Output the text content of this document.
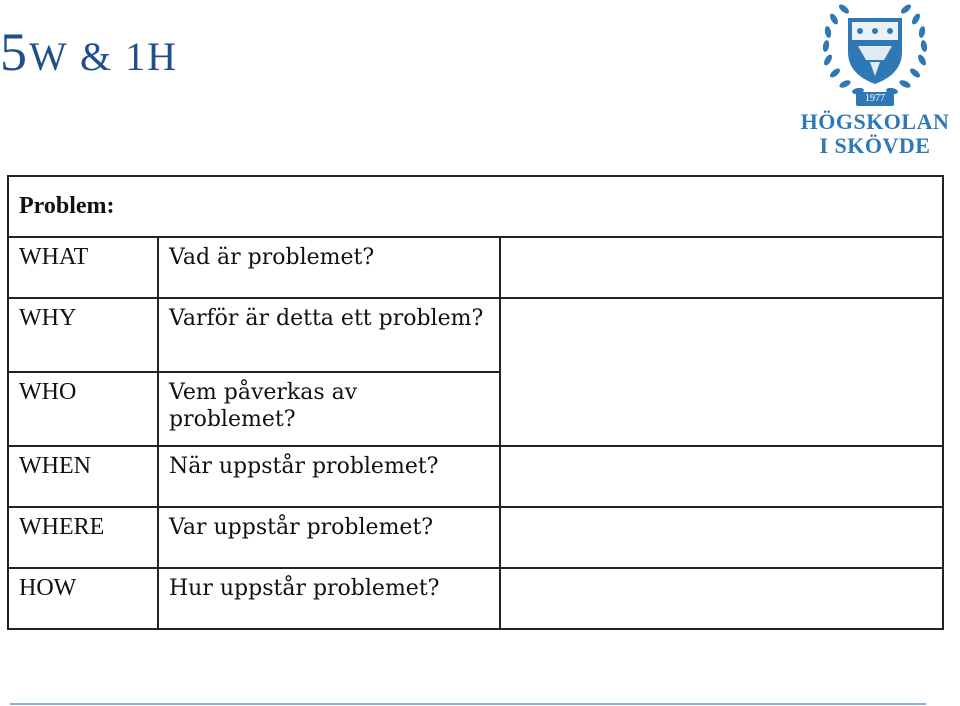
5W & 1H
1977
HÖGSKOLAN
I SKÖVDE
Problem:		
WHAT	Vad är problemet?	
WHY	Varför är detta ett problem?	
WHO	Vem påverkas av problemet?	
WHEN	När uppstår problemet?	
WHERE	Var uppstår problemet?	
HOW	Hur uppstår problemet?	
